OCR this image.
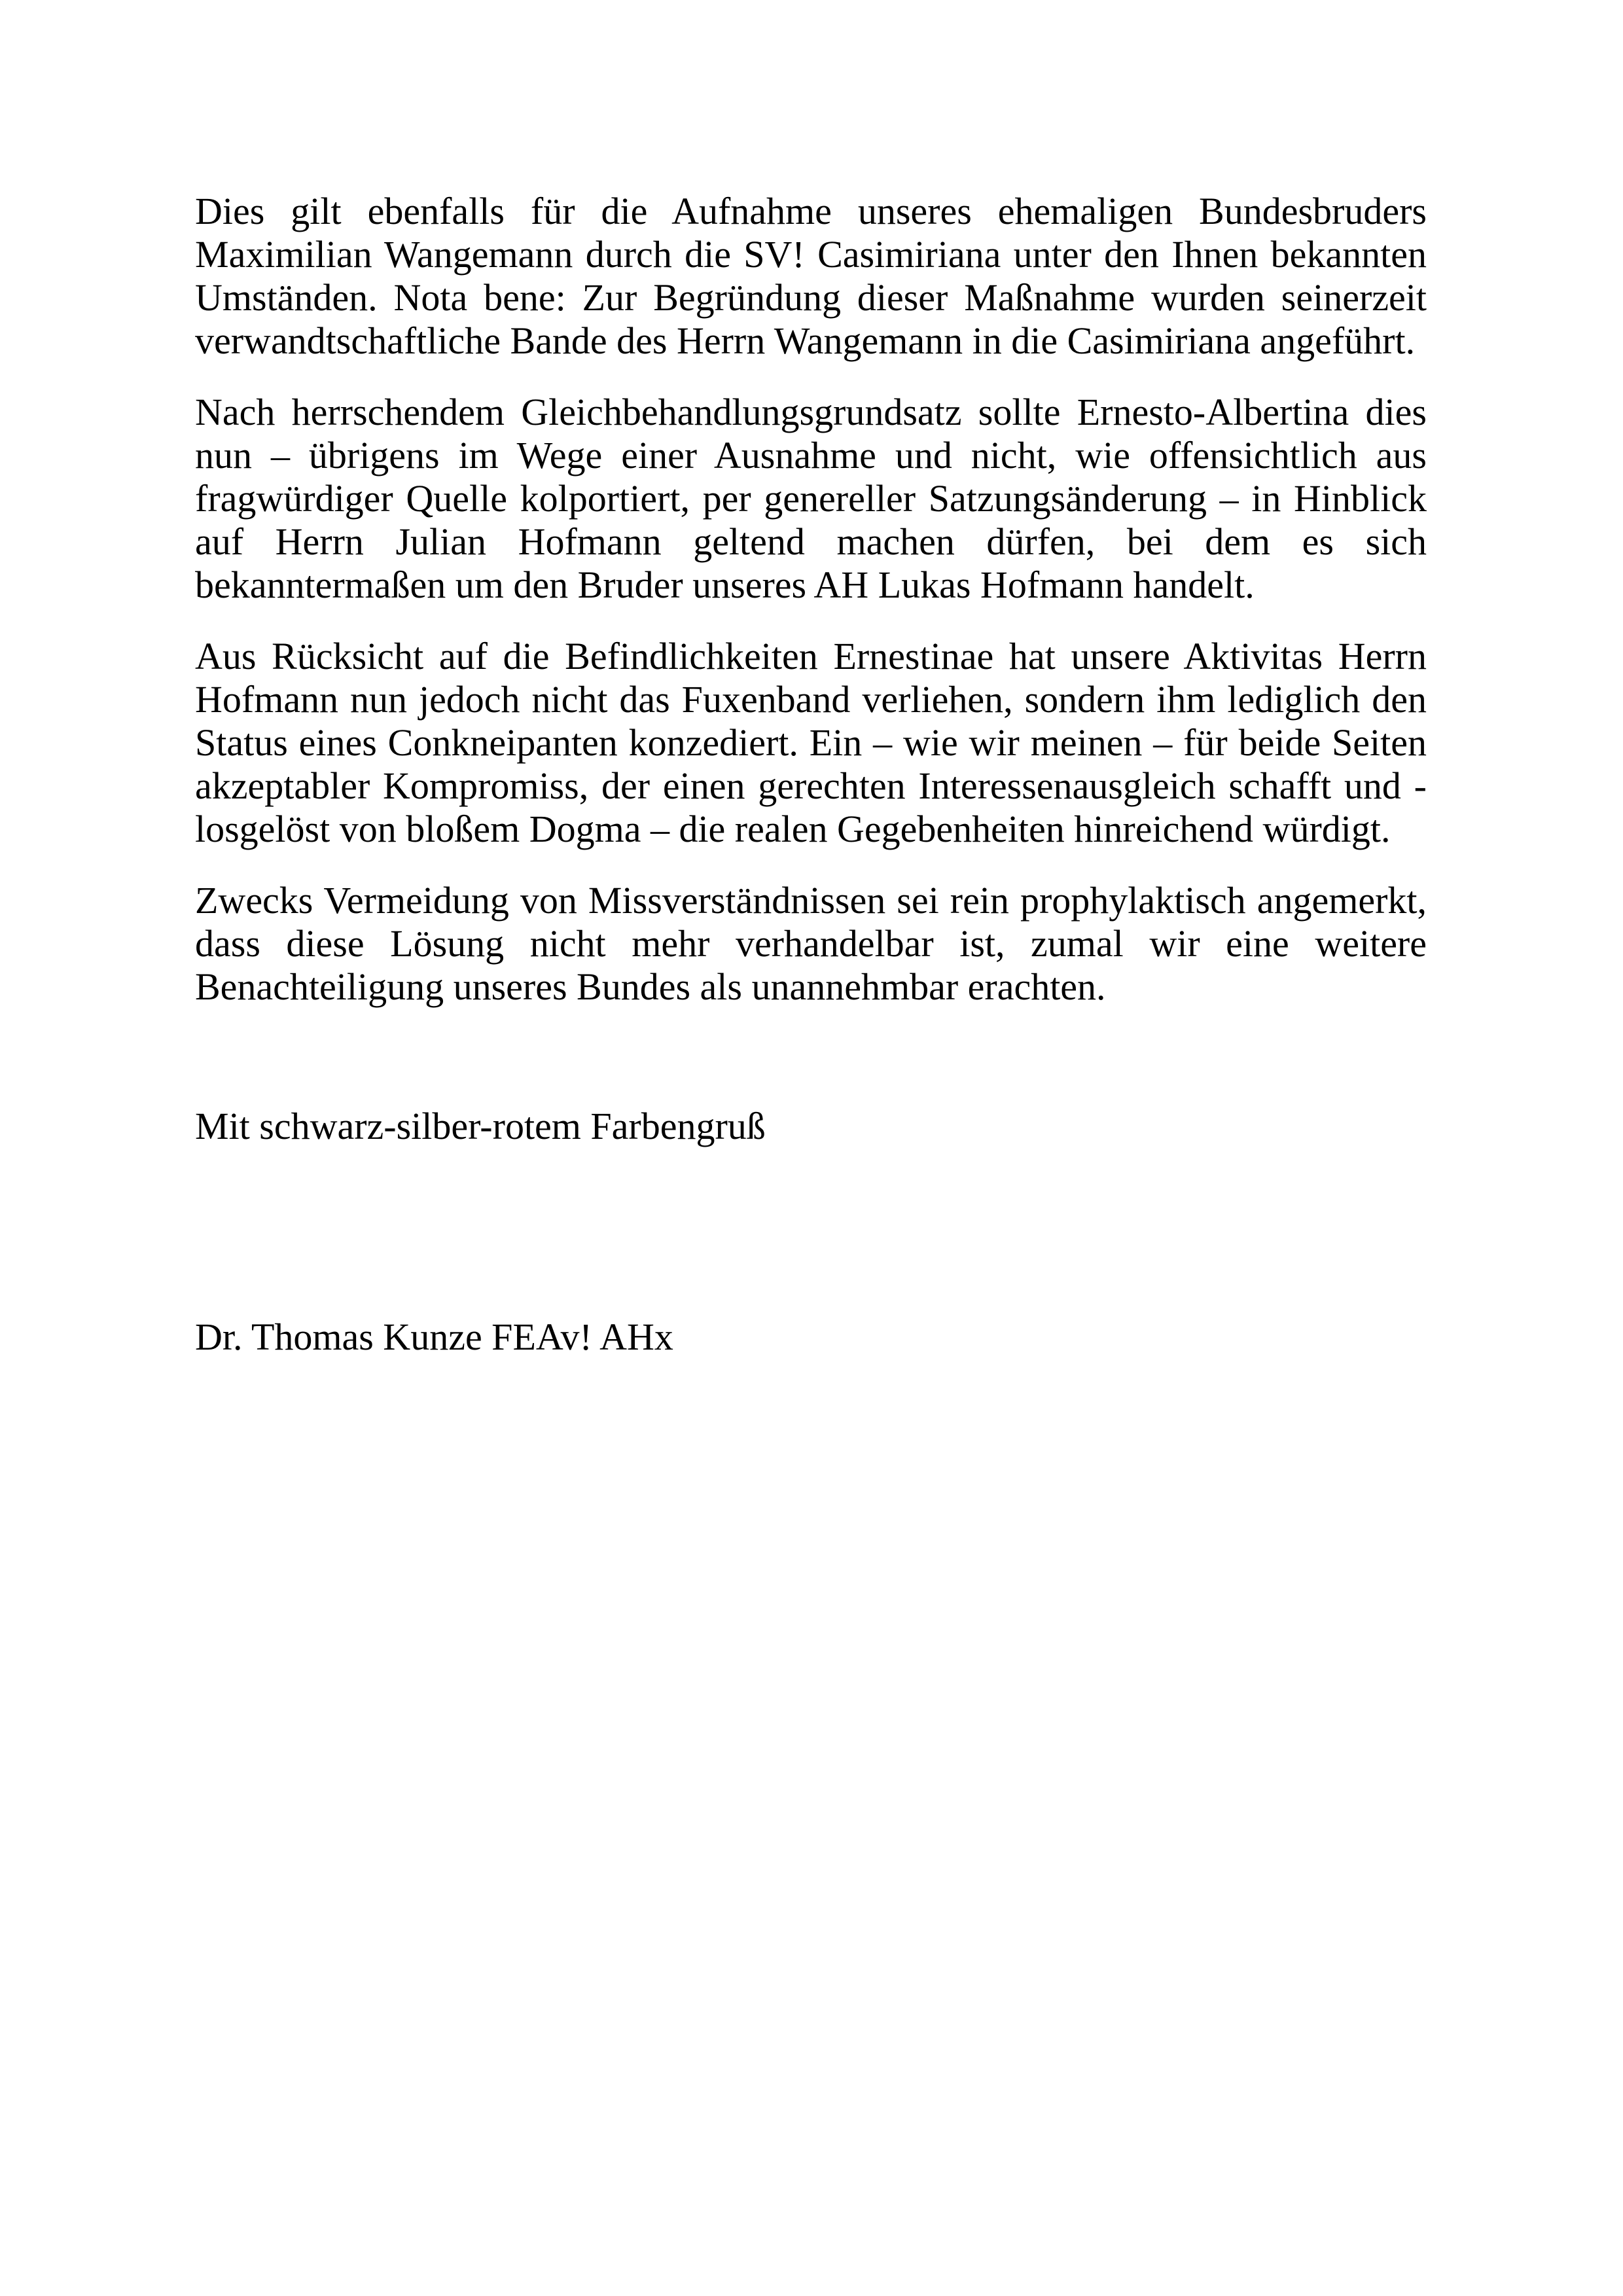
Dies gilt ebenfalls für die Aufnahme unseres ehemaligen Bundesbruders Maximilian Wangemann durch die SV! Casimiriana unter den Ihnen bekannten Umständen. Nota bene: Zur Begründung dieser Maßnahme wurden seinerzeit verwandtschaftliche Bande des Herrn Wangemann in die Casimiriana angeführt.

Nach herrschendem Gleichbehandlungsgrundsatz sollte Ernesto-Albertina dies nun – übrigens im Wege einer Ausnahme und nicht, wie offensichtlich aus fragwürdiger Quelle kolportiert, per genereller Satzungsänderung – in Hinblick auf Herrn Julian Hofmann geltend machen dürfen, bei dem es sich bekanntermaßen um den Bruder unseres AH Lukas Hofmann handelt.

Aus Rücksicht auf die Befindlichkeiten Ernestinae hat unsere Aktivitas Herrn Hofmann nun jedoch nicht das Fuxenband verliehen, sondern ihm lediglich den Status eines Conkneipanten konzediert. Ein – wie wir meinen – für beide Seiten akzeptabler Kompromiss, der einen gerechten Interessenausgleich schafft und - losgelöst von bloßem Dogma – die realen Gegebenheiten hinreichend würdigt.

Zwecks Vermeidung von Missverständnissen sei rein prophylaktisch angemerkt, dass diese Lösung nicht mehr verhandelbar ist, zumal wir eine weitere Benachteiligung unseres Bundes als unannehmbar erachten.

Mit schwarz-silber-rotem Farbengruß

Dr. Thomas Kunze FEAv! AHx
